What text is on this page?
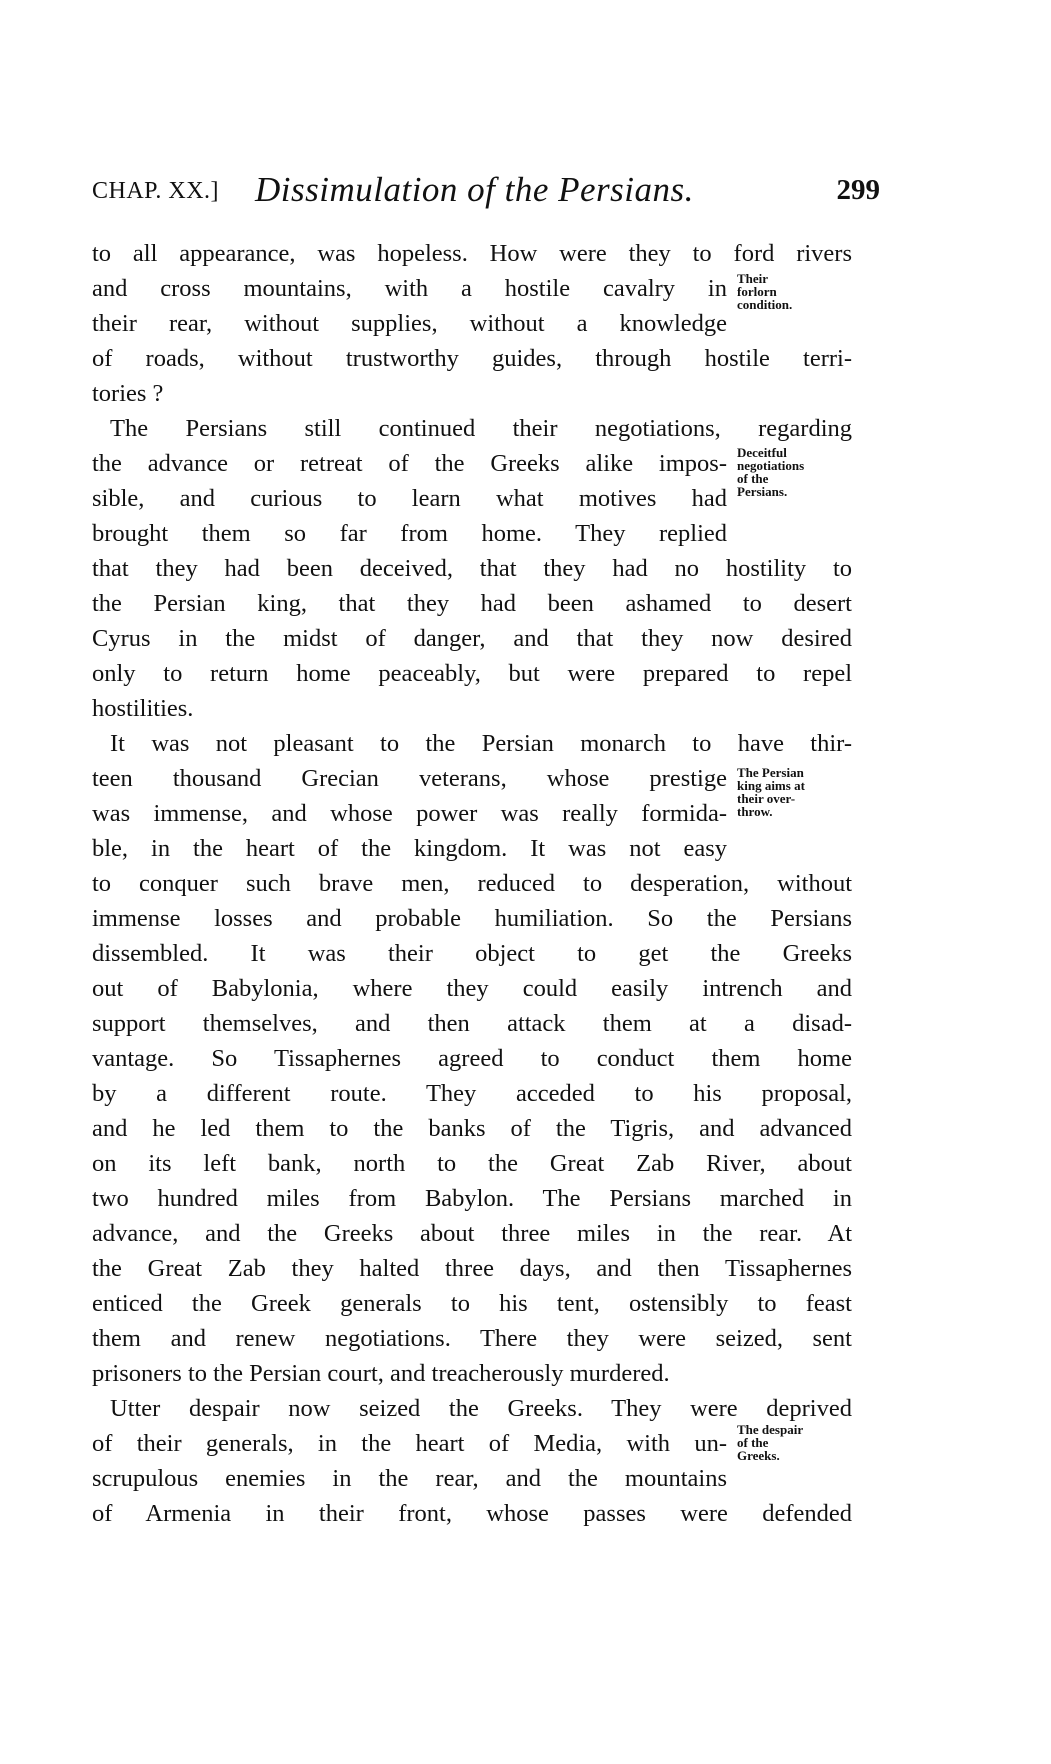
CHAP. XX.] Dissimulation of the Persians.	299
to all appearance, was hopeless. How were they to ford rivers
and cross mountains, with a hostile cavalry in
their rear, without supplies, without a knowledge
of roads, without trustworthy guides, through hostile terri-
tories ?
The Persians still continued their negotiations, regarding
the advance or retreat of the Greeks alike impos-
sible, and curious to learn what motives had
brought them so far from home. They replied
that they had been deceived, that they had no hostility to
the Persian king, that they had been ashamed to desert
Cyrus in the midst of danger, and that they now desired
only to return home peaceably, but were prepared to repel
hostilities.
It was not pleasant to the Persian monarch to have thir-
teen thousand Grecian veterans, whose prestige
was immense, and whose power was really formida-
ble, in the heart of the kingdom. It was not easy
to conquer such brave men, reduced to desperation, without
immense losses and probable humiliation. So the Persians
dissembled. It was their object to get the Greeks
out of Babylonia, where they could easily intrench and
support themselves, and then attack them at a disad-
vantage. So Tissaphernes agreed to conduct them home
by a different route. They acceded to his proposal,
and he led them to the banks of the Tigris, and advanced
on its left bank, north to the Great Zab River, about
two hundred miles from Babylon. The Persians marched in
advance, and the Greeks about three miles in the rear. At
the Great Zab they halted three days, and then Tissaphernes
enticed the Greek generals to his tent, ostensibly to feast
them and renew negotiations. There they were seized, sent
prisoners to the Persian court, and treacherously murdered.
Utter despair now seized the Greeks. They were deprived
of their generals, in the heart of Media, with un-
scrupulous enemies in the rear, and the mountains
of Armenia in their front, whose passes were defended
Their
forlorn
condition.
Deceitful
negotiations
of the
Persians.
The Persian
king aims at
their over-
throw.
The despair
of the
Greeks.
